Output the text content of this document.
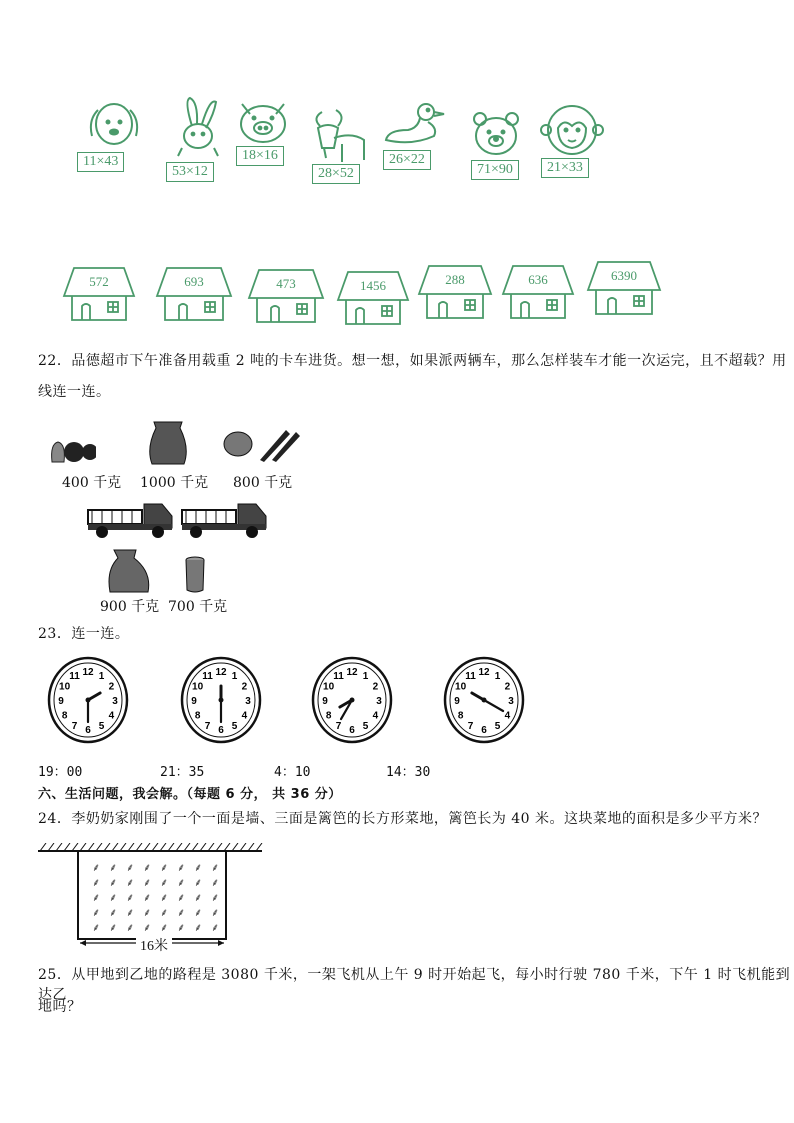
11×43
53×12
18×16
28×52
26×22
71×90	21×33
572	693	473	1456	288	636	6390
22．品德超市下午准备用载重 2 吨的卡车进货。想一想，如果派两辆车，那么怎样装车才能一次运完，且不超载？用
线连一连。
400 千克 1000 千克 800 千克
900 千克 700 千克
23．连一连。
1
2
3
4
5
6
7
8
9
10
11 12	1
2
3
4
5
6
7
8
9
10
11 12	1
2
3
4
5
6
7
8
9
10
11 12	1
2
3
4
5
6
7
8
9
10
11 12
19：00	21：35	4：10	14：30
六、生活问题，我会解。（每题 6 分， 共 36 分）
24．李奶奶家刚围了一个一面是墙、三面是篱笆的长方形菜地，篱笆长为 40 米。这块菜地的面积是多少平方米？
⸙ ⸙ ⸙ ⸙ ⸙ ⸙ ⸙ ⸙
⸙ ⸙ ⸙ ⸙ ⸙ ⸙ ⸙ ⸙
⸙ ⸙ ⸙ ⸙ ⸙ ⸙ ⸙ ⸙
⸙ ⸙ ⸙ ⸙ ⸙ ⸙ ⸙ ⸙
⸙ ⸙ ⸙ ⸙ ⸙ ⸙ ⸙ ⸙
16米
25．从甲地到乙地的路程是 3080 千米，一架飞机从上午 9 时开始起飞，每小时行驶 780 千米，下午 1 时飞机能到达乙
地吗？
